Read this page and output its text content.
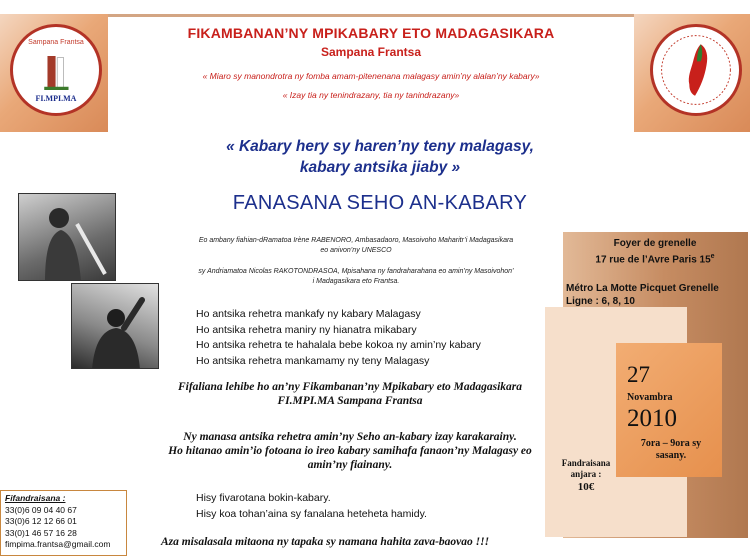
Sampana Frantsa
FI.MPI.MA
FIKAMBANAN’NY MPIKABARY ETO MADAGASIKARA
Sampana Frantsa
« Miaro sy manondrotra ny fomba amam-pitenenana malagasy amin’ny alalan’ny kabary»
« Izay tia ny tenindrazany, tia ny tanindrazany»
« Kabary hery sy haren’ny teny malagasy,
kabary antsika jiaby »
FANASANA SEHO AN-KABARY
Eo ambany fiahian-dRamatoa Irène RABENORO, Ambasadaoro, Masoivoho Maharitr’i Madagasikara
eo anivon’ny UNESCO
sy Andriamatoa Nicolas RAKOTONDRASOA, Mpisahana ny fandraharahana eo amin’ny Masoivohon’
i Madagasikara eto Frantsa.
Ho antsika rehetra mankafy ny kabary Malagasy
Ho antsika rehetra maniry ny hianatra mikabary
Ho antsika rehetra te hahalala bebe kokoa ny amin’ny kabary
Ho antsika rehetra mankamamy ny teny Malagasy
Fifaliana lehibe ho an’ny Fikambanan’ny Mpikabary eto Madagasikara
FI.MPI.MA Sampana Frantsa
Ny manasa antsika rehetra amin’ny Seho an-kabary izay karakarainy.
Ho hitanao amin’io fotoana io ireo kabary samihafa fanaon’ny Malagasy eo
amin’ny fiainany.
Hisy fivarotana bokin-kabary.
Hisy koa tohan’aina sy fanalana heteheta hamidy.
Aza misalasala mitaona ny tapaka sy namana hahita zava-baovao !!!
Foyer de grenelle
17 rue de l’Avre Paris 15e
Métro La Motte Picquet Grenelle
Ligne : 6, 8, 10
27
Novambra
2010
7ora – 9ora sy
sasany.
Fandraisana
anjara :
10€
Fifandraisana :
33(0)6 09 04 40 67
33(0)6 12 12 66 01
33(0)1 46 57 16 28
fimpima.frantsa@gmail.com
